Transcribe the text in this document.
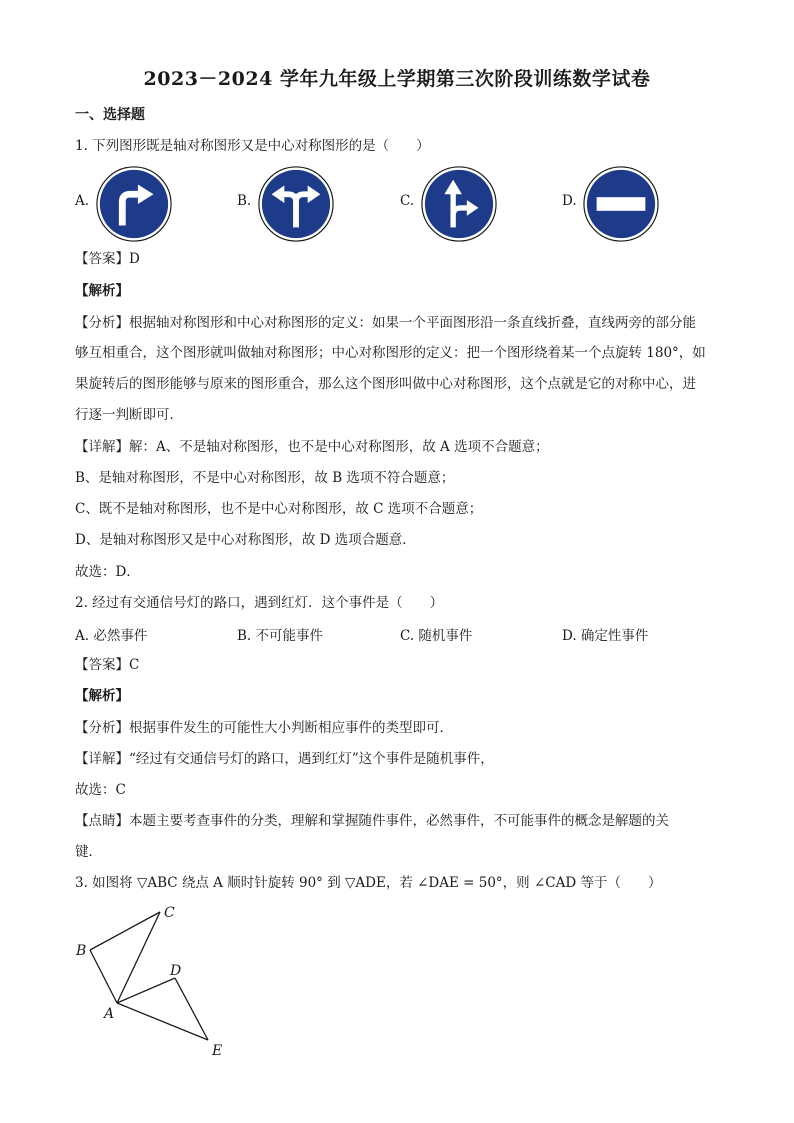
2023－2024 学年九年级上学期第三次阶段训练数学试卷
一、选择题
1. 下列图形既是轴对称图形又是中心对称图形的是（　　）
A.	B.	C.	D.
【答案】D
【解析】
【分析】根据轴对称图形和中心对称图形的定义：如果一个平面图形沿一条直线折叠，直线两旁的部分能
够互相重合，这个图形就叫做轴对称图形；中心对称图形的定义：把一个图形绕着某一个点旋转 180°，如
果旋转后的图形能够与原来的图形重合，那么这个图形叫做中心对称图形，这个点就是它的对称中心，进
行逐一判断即可．
【详解】解：A、不是轴对称图形，也不是中心对称图形，故 A 选项不合题意；
B、是轴对称图形，不是中心对称图形，故 B 选项不符合题意；
C、既不是轴对称图形，也不是中心对称图形，故 C 选项不合题意；
D、是轴对称图形又是中心对称图形，故 D 选项合题意．
故选：D．
2. 经过有交通信号灯的路口，遇到红灯．这个事件是（　　）
A. 必然事件	B. 不可能事件	C. 随机事件	D. 确定性事件
【答案】C
【解析】
【分析】根据事件发生的可能性大小判断相应事件的类型即可．
【详解】“经过有交通信号灯的路口，遇到红灯”这个事件是随机事件，
故选：C
【点睛】本题主要考查事件的分类，理解和掌握随件事件，必然事件，不可能事件的概念是解题的关
键．
3. 如图将 ▽ABC 绕点 A 顺时针旋转 90° 到 ▽ADE，若 ∠DAE = 50°，则 ∠CAD 等于（　　）
A
B
C
D
E
